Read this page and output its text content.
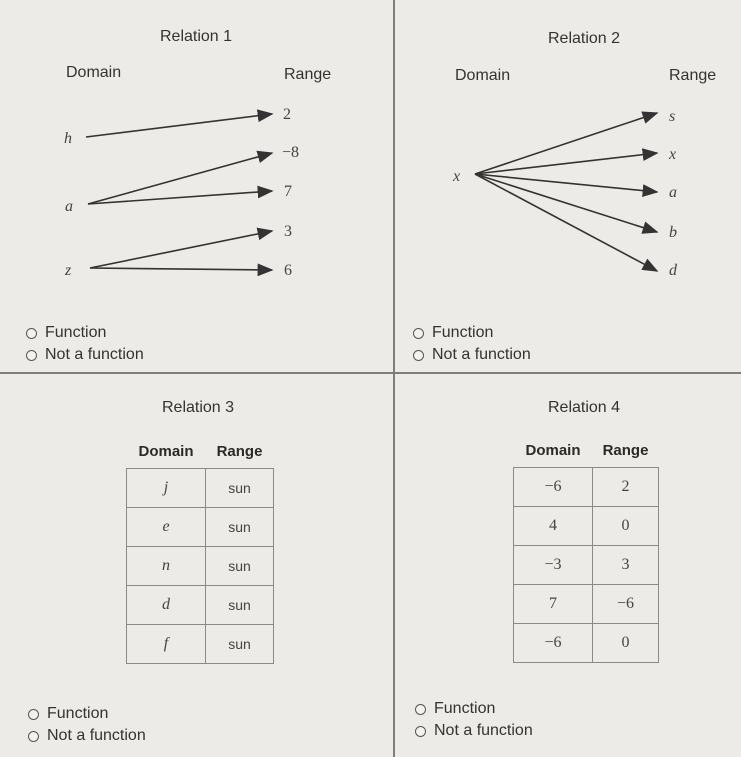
Relation 1
Domain	Range
h
a
z
2
−8
7
3
6
Function
Not a function
Relation 2
Domain	Range
x
s
x
a
b
d
Function
Not a function
Relation 3
Domain	Range
j	sun
e	sun
n	sun
d	sun
f	sun
Function
Not a function
Relation 4
Domain	Range
−6	2
4	0
−3	3
7	−6
−6	0
Function
Not a function
